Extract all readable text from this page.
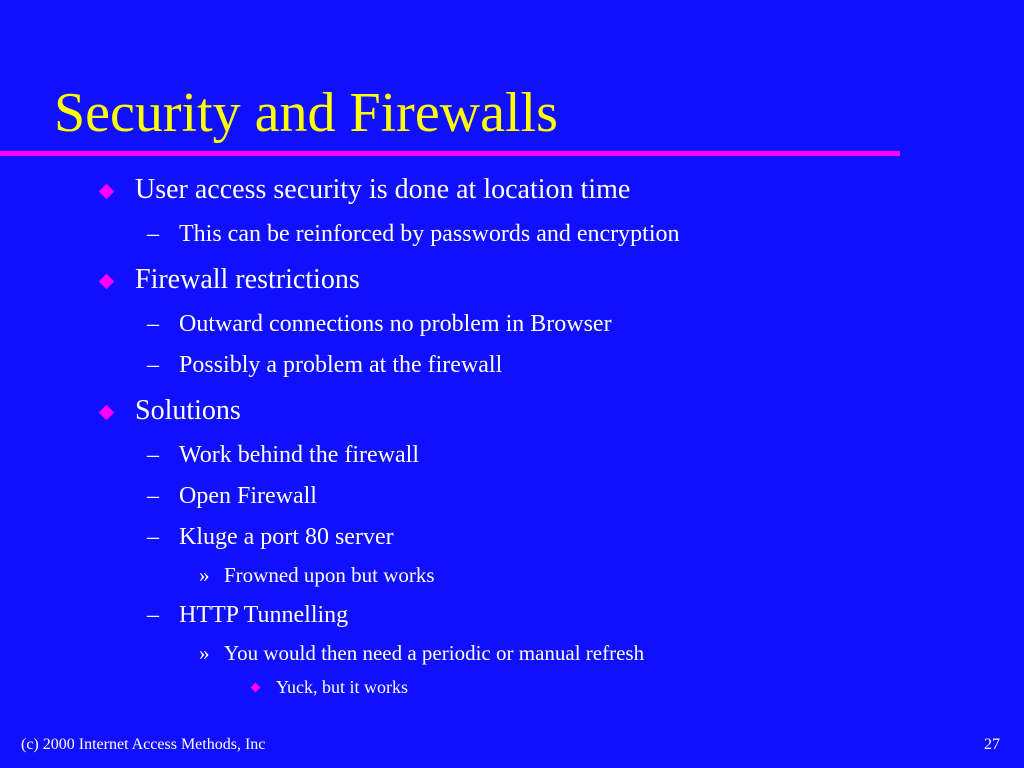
Security and Firewalls
User access security is done at location time
– This can be reinforced by passwords and encryption
Firewall restrictions
– Outward connections no problem in Browser
– Possibly a problem at the firewall
Solutions
– Work behind the firewall
– Open Firewall
– Kluge a port 80 server
» Frowned upon but works
– HTTP Tunnelling
» You would then need a periodic or manual refresh
Yuck, but it works
(c) 2000 Internet Access Methods, Inc	27
